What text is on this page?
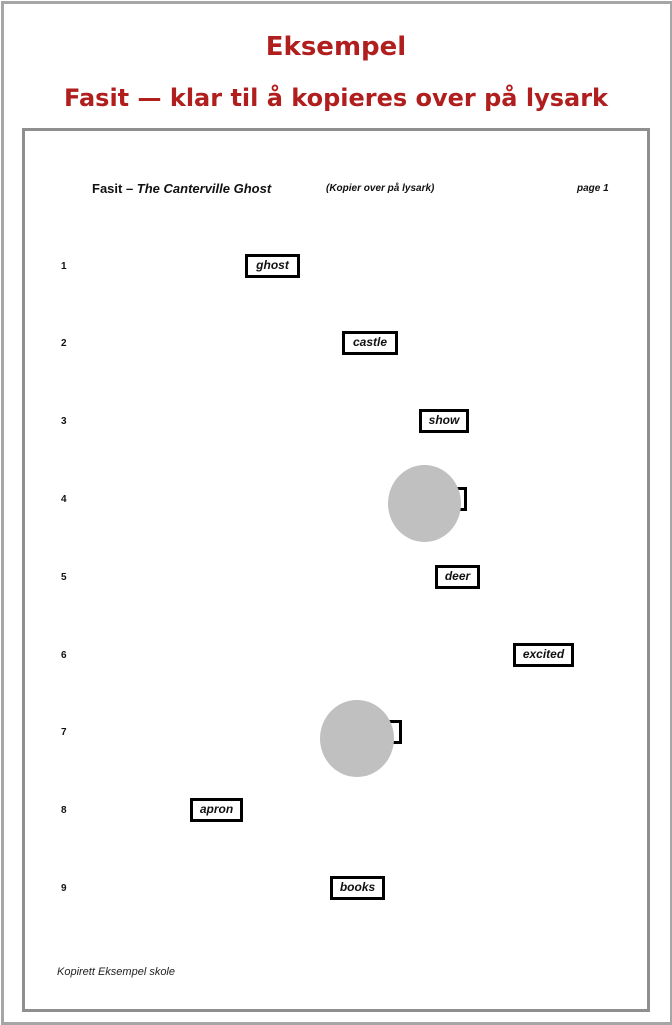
Eksempel
Fasit — klar til å kopieres over på lysark
Fasit – The Canterville Ghost	(Kopier over på lysark)	page 1
1
2
3
4
5
6
7
8
9
ghost
castle
show
deer
excited
apron
books
Kopirett Eksempel skole
